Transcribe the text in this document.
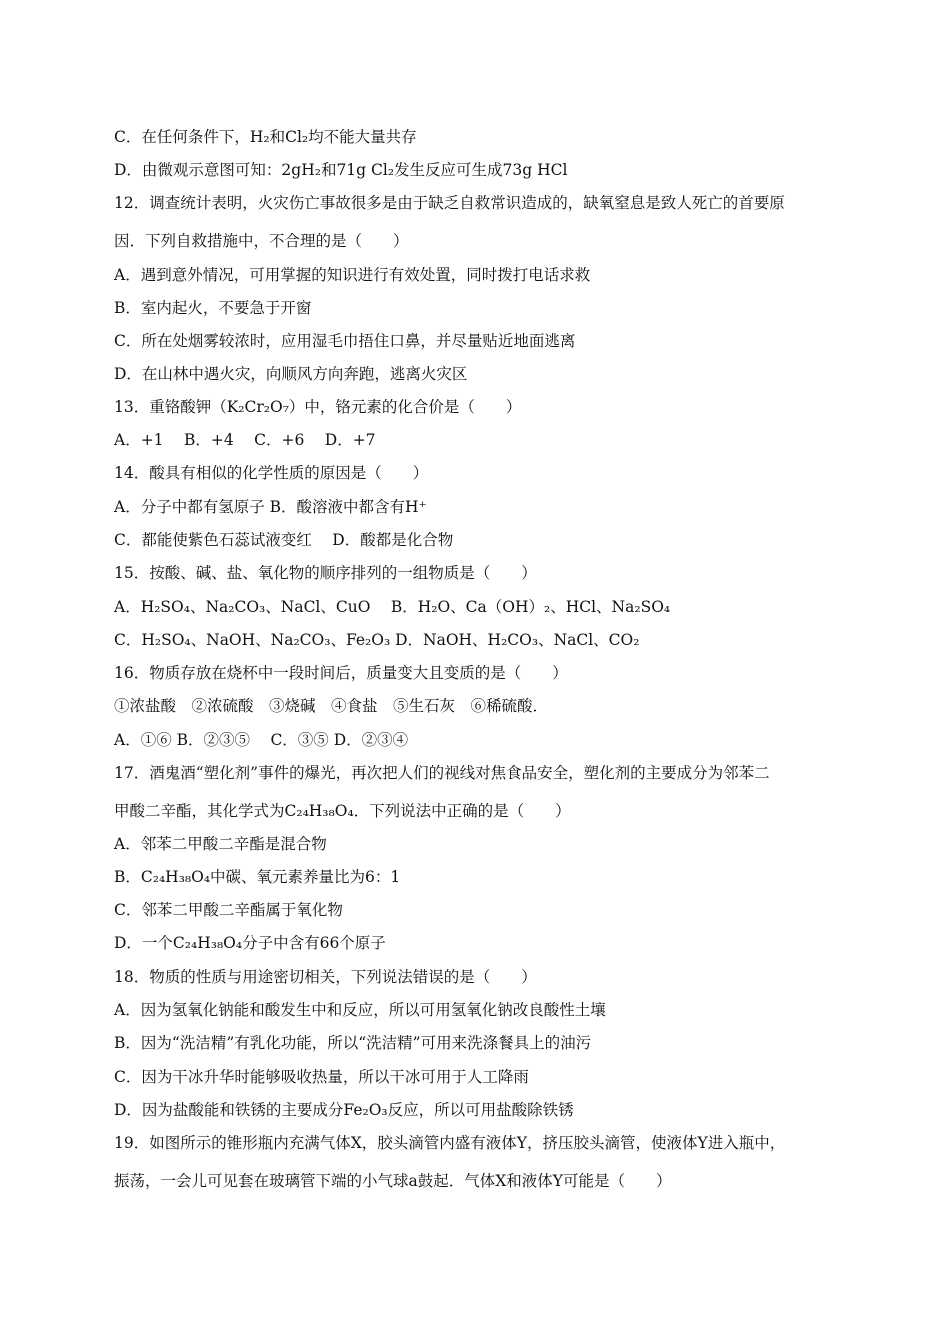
C．在任何条件下，H₂和Cl₂均不能大量共存
D．由微观示意图可知：2gH₂和71g Cl₂发生反应可生成73g HCl
12．调查统计表明，火灾伤亡事故很多是由于缺乏自救常识造成的，缺氧窒息是致人死亡的首要原
因．下列自救措施中，不合理的是（　　）
A．遇到意外情况，可用掌握的知识进行有效处置，同时拨打电话求救
B．室内起火，不要急于开窗
C．所在处烟雾较浓时，应用湿毛巾捂住口鼻，并尽量贴近地面逃离
D．在山林中遇火灾，向顺风方向奔跑，逃离火灾区
13．重铬酸钾（K₂Cr₂O₇）中，铬元素的化合价是（　　）
A．+1　 B．+4　 C．+6　 D．+7
14．酸具有相似的化学性质的原因是（　　）
A．分子中都有氢原子 B．酸溶液中都含有H⁺
C．都能使紫色石蕊试液变红　 D．酸都是化合物
15．按酸、碱、盐、氧化物的顺序排列的一组物质是（　　）
A．H₂SO₄、Na₂CO₃、NaCl、CuO　 B．H₂O、Ca（OH）₂、HCl、Na₂SO₄
C．H₂SO₄、NaOH、Na₂CO₃、Fe₂O₃ D．NaOH、H₂CO₃、NaCl、CO₂
16．物质存放在烧杯中一段时间后，质量变大且变质的是（　　）
①浓盐酸　②浓硫酸　③烧碱　④食盐　⑤生石灰　⑥稀硫酸．
A．①⑥ B．②③⑤　 C．③⑤ D．②③④
17．酒鬼酒“塑化剂”事件的爆光，再次把人们的视线对焦食品安全，塑化剂的主要成分为邻苯二
甲酸二辛酯，其化学式为C₂₄H₃₈O₄．下列说法中正确的是（　　）
A．邻苯二甲酸二辛酯是混合物
B．C₂₄H₃₈O₄中碳、氧元素养量比为6：1
C．邻苯二甲酸二辛酯属于氧化物
D．一个C₂₄H₃₈O₄分子中含有66个原子
18．物质的性质与用途密切相关，下列说法错误的是（　　）
A．因为氢氧化钠能和酸发生中和反应，所以可用氢氧化钠改良酸性土壤
B．因为“洗洁精”有乳化功能，所以“洗洁精”可用来洗涤餐具上的油污
C．因为干冰升华时能够吸收热量，所以干冰可用于人工降雨
D．因为盐酸能和铁锈的主要成分Fe₂O₃反应，所以可用盐酸除铁锈
19．如图所示的锥形瓶内充满气体X，胶头滴管内盛有液体Y，挤压胶头滴管，使液体Y进入瓶中，
振荡，一会儿可见套在玻璃管下端的小气球a鼓起．气体X和液体Y可能是（　　）
